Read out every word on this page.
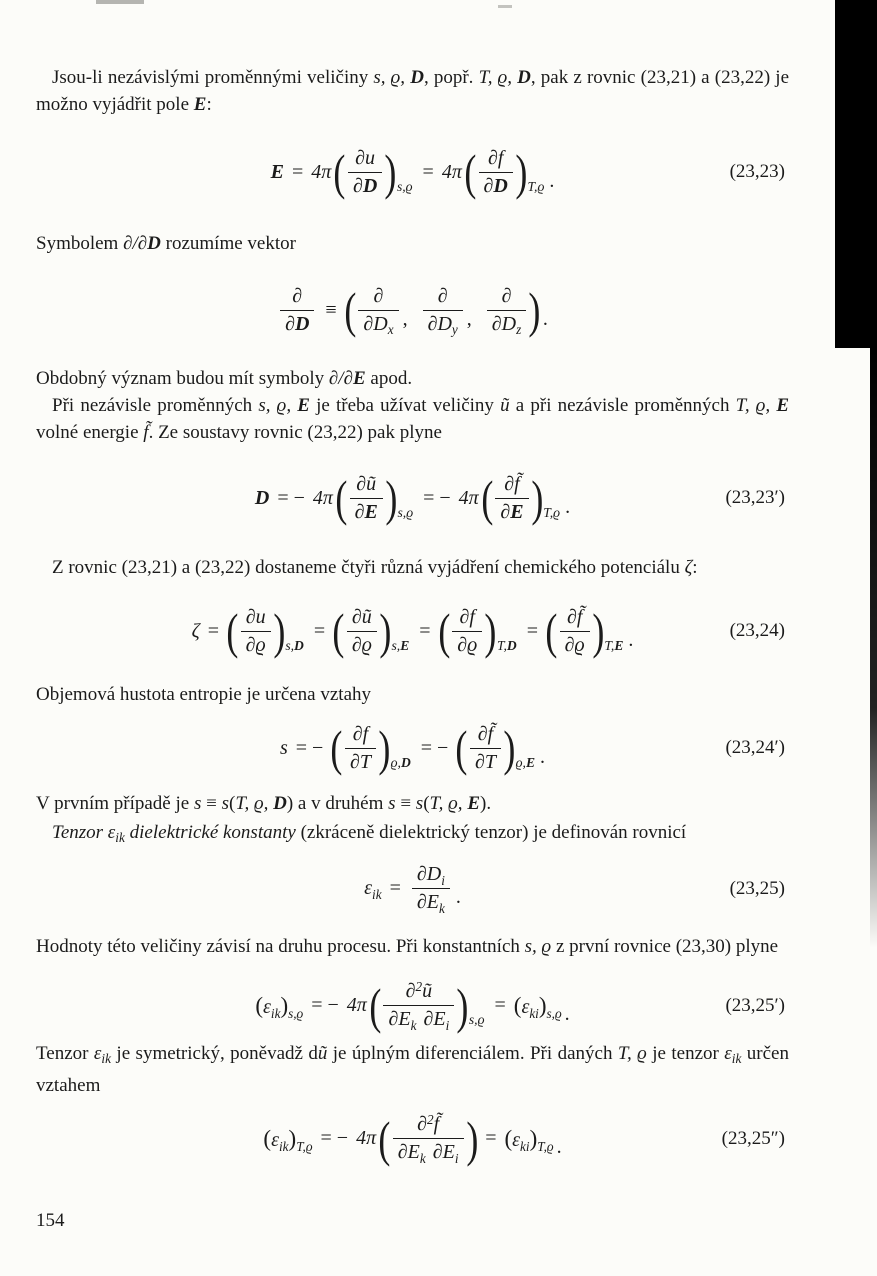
Jsou-li nezávislými proměnnými veličiny s, ϱ, D, popř. T, ϱ, D, pak z rovnic (23,21) a (23,22) je možno vyjádřit pole E:

E = 4π ( $\frac{\partial u}{\partial D}$ ) s,ϱ
= 4π ( $\frac{\partial f}{\partial D}$ ) T,ϱ .	(23,23)

Symbolem ∂/∂D rozumíme vektor

$\frac{\partial}{\partial D}$ ≡ ( $\frac{\partial}{\partial D_x}$ , $\frac{\partial}{\partial D_y}$ , $\frac{\partial}{\partial D_z}$ ) .

Obdobný význam budou mít symboly ∂/∂E apod.

Při nezávisle proměnných s, ϱ, E je třeba užívat veličiny ũ a při nezávisle proměnných T, ϱ, E volné energie f̃. Ze soustavy rovnic (23,22) pak plyne

D = − 4π ( $\frac{\partial ũ}{\partial E}$ ) s,ϱ
= − 4π ( $\frac{\partial f̃}{\partial E}$ ) T,ϱ .	(23,23′)

Z rovnic (23,21) a (23,22) dostaneme čtyři různá vyjádření chemického potenciálu ζ:

ζ = ( $\frac{\partial u}{\partial ϱ}$ ) s,D
= ( $\frac{\partial ũ}{\partial ϱ}$ ) s,E
= ( $\frac{\partial f}{\partial ϱ}$ ) T,D
= ( $\frac{\partial f̃}{\partial ϱ}$ ) T,E .	(23,24)

Objemová hustota entropie je určena vztahy

s = − ( $\frac{\partial f}{\partial T}$ ) ϱ,D
= − ( $\frac{\partial f̃}{\partial T}$ ) ϱ,E .	(23,24′)

V prvním případě je s ≡ s(T, ϱ, D) a v druhém s ≡ s(T, ϱ, E).

Tenzor $\varepsilon_{ik}$ dielektrické konstanty (zkráceně dielektrický tenzor) je definován rovnicí

$\varepsilon_{ik} = \frac{\partial D_i}{\partial E_k}$ .	(23,25)

Hodnoty této veličiny závisí na druhu procesu. Při konstantních s, ϱ z první rovnice (23,30) plyne

$(\varepsilon_{ik})_{s,ϱ}$ = − 4π ( $\frac{\partial^2ũ}{\partial E_k \partial E_i}$ ) s,ϱ
= $(\varepsilon_{ki})_{s,ϱ}$ .	(23,25′)

Tenzor $\varepsilon_{ik}$ je symetrický, poněvadž dũ je úplným diferenciálem. Při daných T, ϱ je tenzor $\varepsilon_{ik}$ určen vztahem

$(\varepsilon_{ik})_{T,ϱ}$ = − 4π ( $\frac{\partial^2f̃}{\partial E_k \partial E_i}$ ) = $(\varepsilon_{ki})_{T,ϱ}$ .	(23,25″)
154
